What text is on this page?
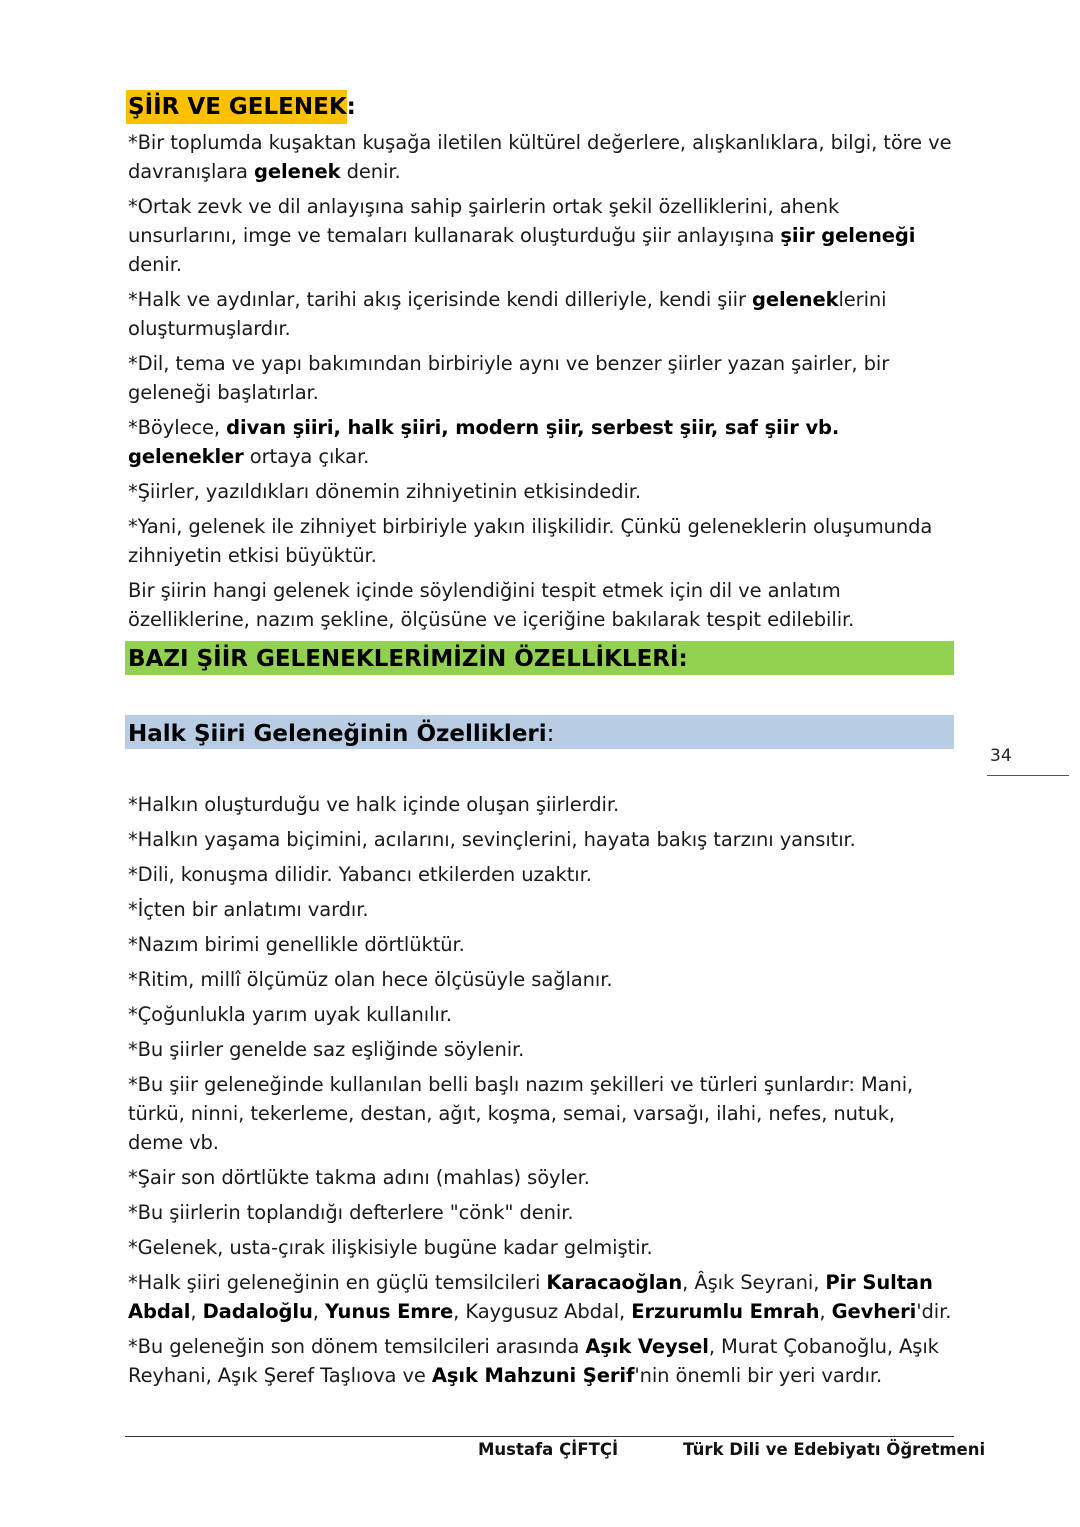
ŞİİR VE GELENEK:

*Bir toplumda kuşaktan kuşağa iletilen kültürel değerlere, alışkanlıklara, bilgi, töre ve davranışlara gelenek denir.

*Ortak zevk ve dil anlayışına sahip şairlerin ortak şekil özelliklerini, ahenk unsurlarını, imge ve temaları kullanarak oluşturduğu şiir anlayışına şiir geleneği denir.

*Halk ve aydınlar, tarihi akış içerisinde kendi dilleriyle, kendi şiir geleneklerini oluşturmuşlardır.

*Dil, tema ve yapı bakımından birbiriyle aynı ve benzer şiirler yazan şairler, bir geleneği başlatırlar.

*Böylece, divan şiiri, halk şiiri, modern şiir, serbest şiir, saf şiir vb. gelenekler ortaya çıkar.

*Şiirler, yazıldıkları dönemin zihniyetinin etkisindedir.

*Yani, gelenek ile zihniyet birbiriyle yakın ilişkilidir. Çünkü geleneklerin oluşumunda zihniyetin etkisi büyüktür.

Bir şiirin hangi gelenek içinde söylendiğini tespit etmek için dil ve anlatım özelliklerine, nazım şekline, ölçüsüne ve içeriğine bakılarak tespit edilebilir.

BAZI ŞİİR GELENEKLERİMİZİN ÖZELLİKLERİ:
Halk Şiiri Geleneğinin Özellikleri:

*Halkın oluşturduğu ve halk içinde oluşan şiirlerdir.

*Halkın yaşama biçimini, acılarını, sevinçlerini, hayata bakış tarzını yansıtır.

*Dili, konuşma dilidir. Yabancı etkilerden uzaktır.

*İçten bir anlatımı vardır.

*Nazım birimi genellikle dörtlüktür.

*Ritim, millî ölçümüz olan hece ölçüsüyle sağlanır.

*Çoğunlukla yarım uyak kullanılır.

*Bu şiirler genelde saz eşliğinde söylenir.

*Bu şiir geleneğinde kullanılan belli başlı nazım şekilleri ve türleri şunlardır: Mani, türkü, ninni, tekerleme, destan, ağıt, koşma, semai, varsağı, ilahi, nefes, nutuk, deme vb.

*Şair son dörtlükte takma adını (mahlas) söyler.

*Bu şiirlerin toplandığı defterlere "cönk" denir.

*Gelenek, usta-çırak ilişkisiyle bugüne kadar gelmiştir.

*Halk şiiri geleneğinin en güçlü temsilcileri Karacaoğlan, Âşık Seyrani, Pir Sultan Abdal, Dadaloğlu, Yunus Emre, Kaygusuz Abdal, Erzurumlu Emrah, Gevheri'dir.

*Bu geleneğin son dönem temsilcileri arasında Aşık Veysel, Murat Çobanoğlu, Aşık Reyhani, Aşık Şeref Taşlıova ve Aşık Mahzuni Şerif'nin önemli bir yeri vardır.

34
Mustafa ÇİFTÇİ	Türk Dili ve Edebiyatı Öğretmeni
